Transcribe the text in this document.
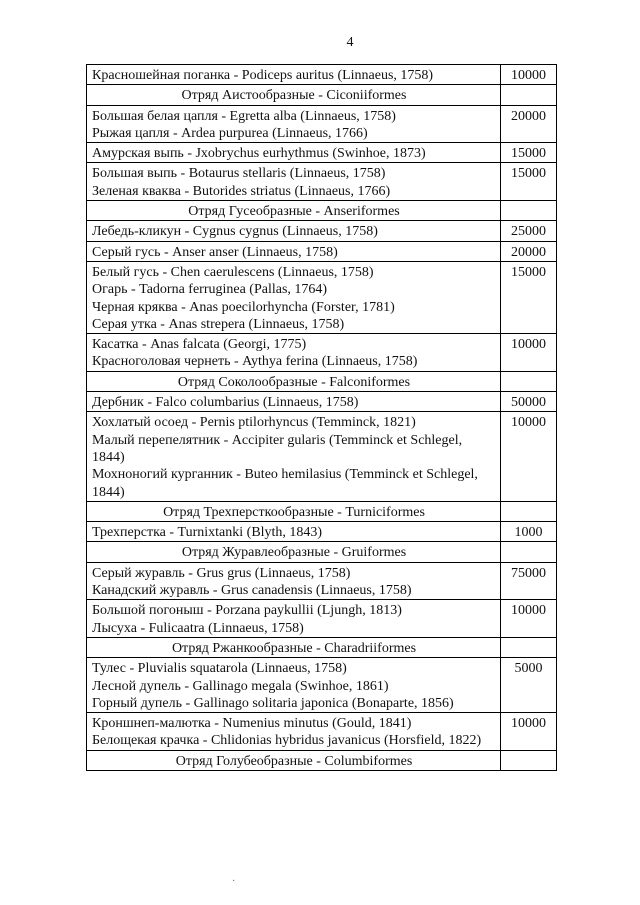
4
Красношейная поганка - Podiceps auritus (Linnaeus, 1758)	10000
Отряд Аистообразные - Ciconiiformes	

Большая белая цапля - Egretta alba (Linnaeus, 1758)
Рыжая цапля - Ardea purpurea (Linnaeus, 1766)	20000

Амурская выпь - Jxobrychus eurhythmus (Swinhoe, 1873)	15000

Большая выпь - Botaurus stellaris (Linnaeus, 1758)
Зеленая кваква - Butorides striatus (Linnaeus, 1766)	15000
Отряд Гусеобразные - Anseriformes	

Лебедь-кликун - Cygnus cygnus (Linnaeus, 1758)	25000

Серый гусь - Anser anser (Linnaeus, 1758)	20000

Белый гусь - Chen caerulescens (Linnaeus, 1758)
Огарь - Tadorna ferruginea (Pallas, 1764)
Черная кряква - Anas poecilorhyncha (Forster, 1781)
Серая утка - Anas strepera (Linnaeus, 1758)	15000

Касатка - Anas falcata (Georgi, 1775)
Красноголовая чернеть - Aythya ferina (Linnaeus, 1758)	10000
Отряд Соколообразные - Falconiformes	

Дербник - Falco columbarius (Linnaeus, 1758)	50000

Хохлатый осоед - Pernis ptilorhyncus (Temminck, 1821)
Малый перепелятник - Accipiter gularis (Temminck et Schlegel, 1844)
Мохноногий курганник - Buteo hemilasius (Temminck et Schlegel, 1844)	10000
Отряд Трехперсткообразные - Turniciformes	

Трехперстка - Turnixtanki (Blyth, 1843)	1000
Отряд Журавлеобразные - Gruiformes	

Серый журавль - Grus grus (Linnaeus, 1758)
Канадский журавль - Grus canadensis (Linnaeus, 1758)	75000

Большой погоныш - Porzana paykullii (Ljungh, 1813)
Лысуха - Fulicaatra (Linnaeus, 1758)	10000
Отряд Ржанкообразные - Charadriiformes	

Тулес - Pluvialis squatarola (Linnaeus, 1758)
Лесной дупель - Gallinago megala (Swinhoe, 1861)
Горный дупель - Gallinago solitaria japonica (Bonaparte, 1856)	5000

Кроншнеп-малютка - Numenius minutus (Gould, 1841)
Белощекая крачка - Chlidonias hybridus javanicus (Horsfield, 1822)	10000
Отряд Голубеобразные - Columbiformes	
·
